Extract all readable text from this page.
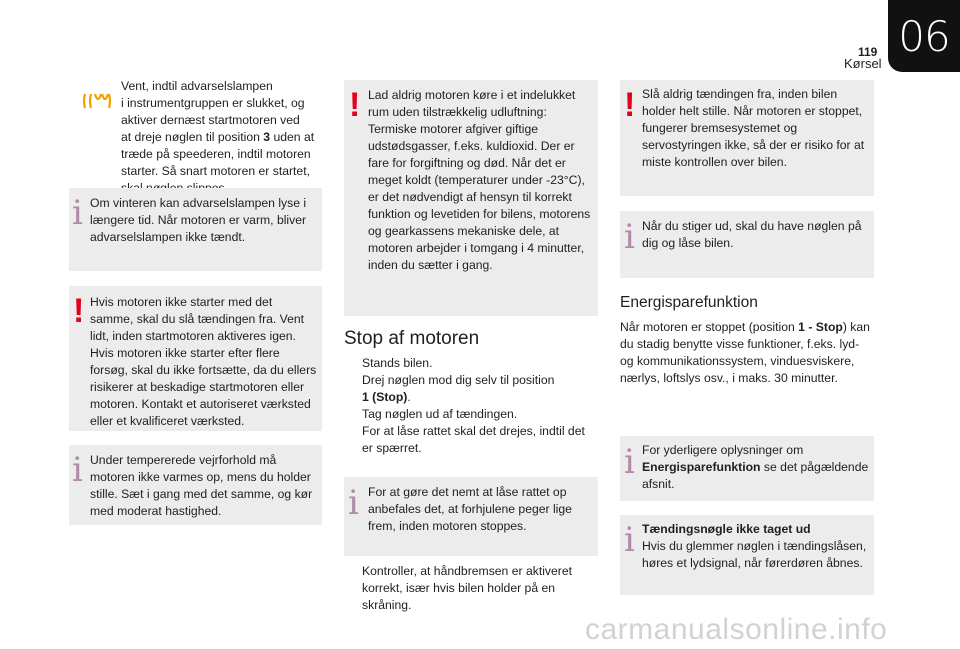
119
Kørsel
06
Vent, indtil advarselslampen
i instrumentgruppen er slukket, og
aktiver dernæst startmotoren ved
at dreje nøglen til position 3 uden at
træde på speederen, indtil motoren
starter. Så snart motoren er startet,
i Om vinteren kan advarselslampen lyse i længere tid. Når motoren er varm, bliver advarselslampen ikke tændt.
! Hvis motoren ikke starter med det samme, skal du slå tændingen fra. Vent lidt, inden startmotoren aktiveres igen. Hvis motoren ikke starter efter flere forsøg, skal du ikke fortsætte, da du ellers risikerer at beskadige startmotoren eller motoren. Kontakt et autoriseret værksted eller et kvalificeret værksted.
i Under tempererede vejrforhold må motoren ikke varmes op, mens du holder stille. Sæt i gang med det samme, og kør med moderat hastighed.
! Lad aldrig motoren køre i et indelukket rum uden tilstrækkelig udluftning: Termiske motorer afgiver giftige udstødsgasser, f.eks. kuldioxid. Der er fare for forgiftning og død. Når det er meget koldt (temperaturer under -23°C), er det nødvendigt af hensyn til korrekt funktion og levetiden for bilens, motorens og gearkassens mekaniske dele, at motoren arbejder i tomgang i 4 minutter, inden du sætter i gang.
Stop af motoren
Stands bilen.
Drej nøglen mod dig selv til position
1 (Stop).
Tag nøglen ud af tændingen.
For at låse rattet skal det drejes, indtil det er spærret.
i For at gøre det nemt at låse rattet op anbefales det, at forhjulene peger lige frem, inden motoren stoppes.
Kontroller, at håndbremsen er aktiveret korrekt, især hvis bilen holder på en skråning.
! Slå aldrig tændingen fra, inden bilen holder helt stille. Når motoren er stoppet, fungerer bremsesystemet og servostyringen ikke, så der er risiko for at miste kontrollen over bilen.
i Når du stiger ud, skal du have nøglen på dig og låse bilen.
Energisparefunktion
Når motoren er stoppet (position 1 - Stop) kan du stadig benytte visse funktioner, f.eks. lyd- og kommunikationssystem, vinduesviskere, nærlys, loftslys osv., i maks. 30 minutter.
i For yderligere oplysninger om Energisparefunktion se det pågældende afsnit.
i Tændingsnøgle ikke taget ud
Hvis du glemmer nøglen i tændingslåsen, høres et lydsignal, når førerdøren åbnes.
carmanualsonline.info
